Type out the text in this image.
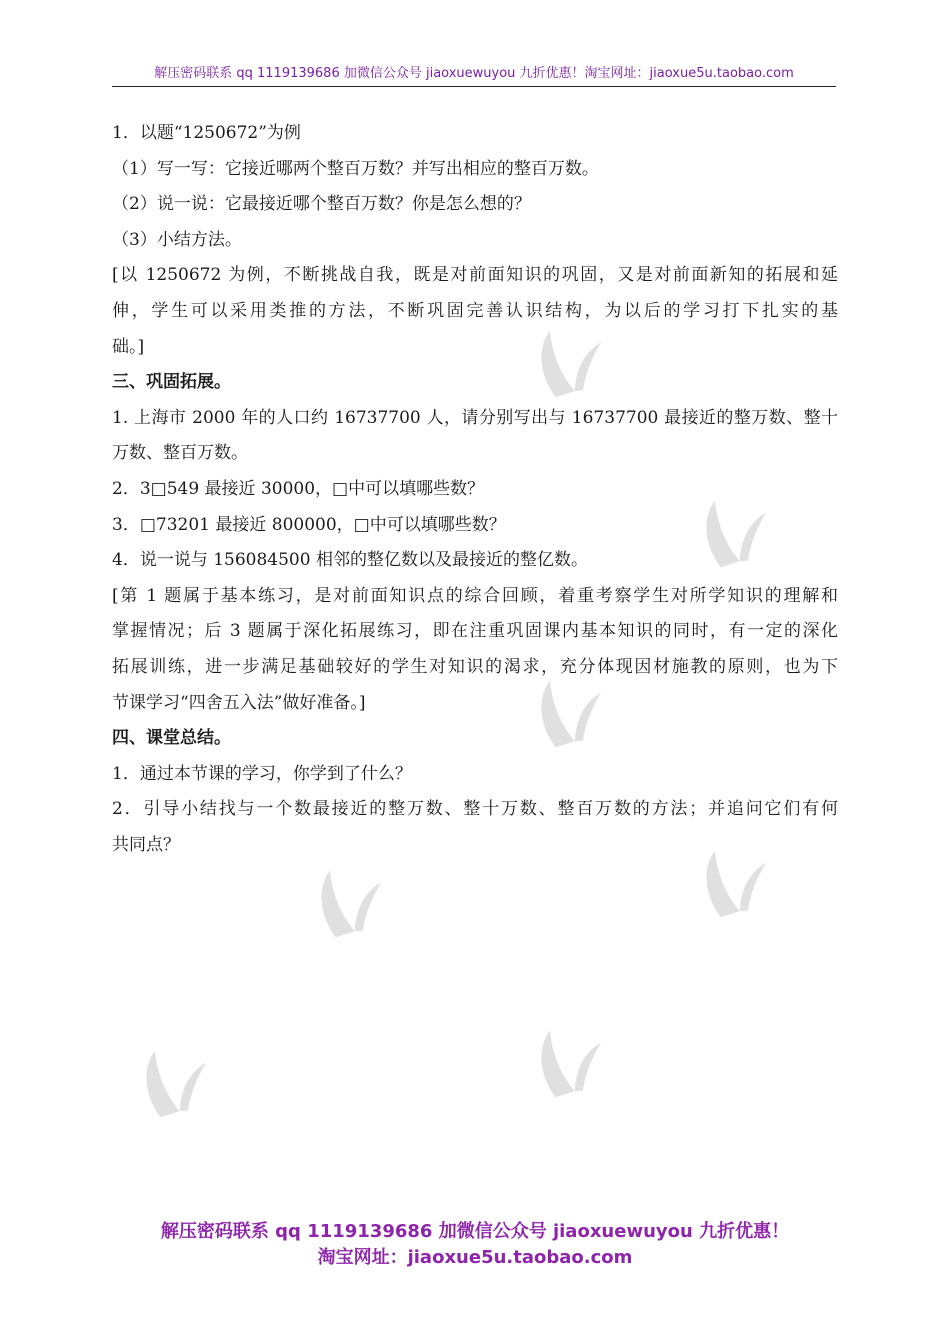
解压密码联系 qq 1119139686 加微信公众号 jiaoxuewuyou 九折优惠！淘宝网址：jiaoxue5u.taobao.com
1．以题“1250672”为例
（1）写一写：它接近哪两个整百万数？并写出相应的整百万数。
（2）说一说：它最接近哪个整百万数？你是怎么想的？
（3）小结方法。
[以 1250672 为例，不断挑战自我，既是对前面知识的巩固，又是对前面新知的拓展和延
伸，学生可以采用类推的方法，不断巩固完善认识结构，为以后的学习打下扎实的基
础。]
三、巩固拓展。
1. 上海市 2000 年的人口约 16737700 人，请分别写出与 16737700 最接近的整万数、整十
万数、整百万数。
2．3□549 最接近 30000，□中可以填哪些数？
3．□73201 最接近 800000，□中可以填哪些数？
4．说一说与 156084500 相邻的整亿数以及最接近的整亿数。
[第 1 题属于基本练习，是对前面知识点的综合回顾，着重考察学生对所学知识的理解和
掌握情况；后 3 题属于深化拓展练习，即在注重巩固课内基本知识的同时，有一定的深化
拓展训练，进一步满足基础较好的学生对知识的渴求，充分体现因材施教的原则，也为下
节课学习“四舍五入法”做好准备。]
四、课堂总结。
1．通过本节课的学习，你学到了什么？
2．引导小结找与一个数最接近的整万数、整十万数、整百万数的方法；并追问它们有何
共同点？
解压密码联系 qq 1119139686 加微信公众号 jiaoxuewuyou 九折优惠！
淘宝网址：jiaoxue5u.taobao.com
